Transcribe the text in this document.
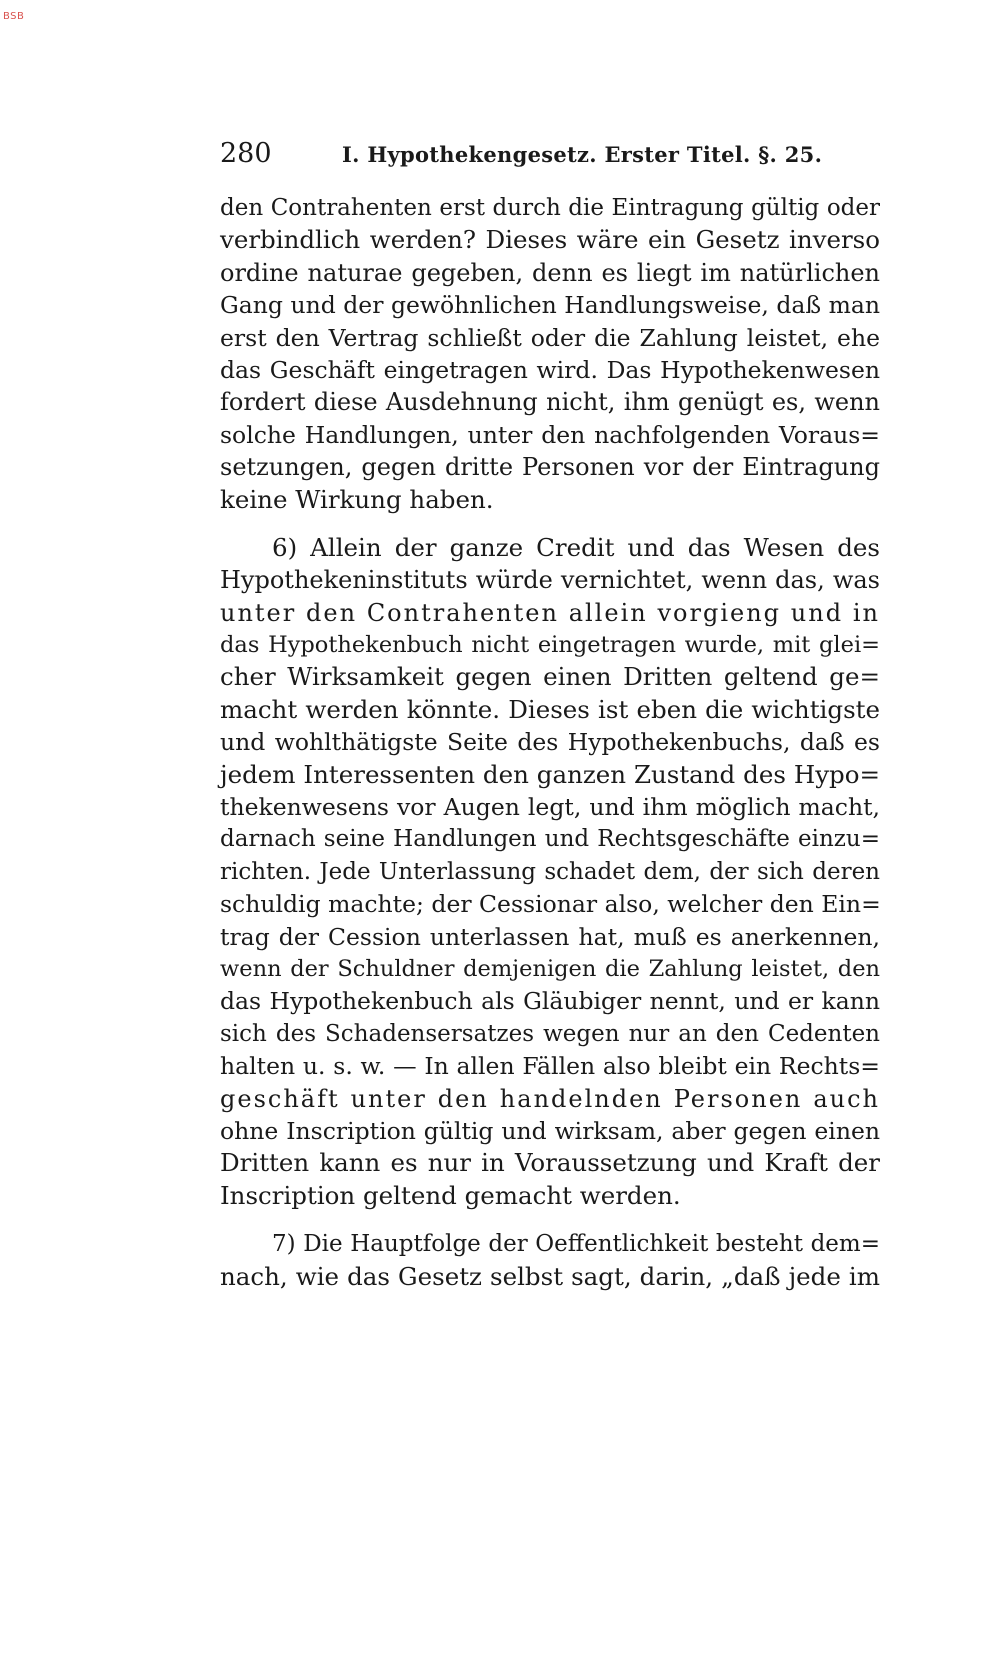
BSB
280	I. Hypothekengesetz. Erster Titel. §. 25.
den Contrahenten erst durch die Eintragung gültig oder
verbindlich werden? Dieses wäre ein Gesetz inverso
ordine naturae gegeben, denn es liegt im natürlichen
Gang und der gewöhnlichen Handlungsweise, daß man
erst den Vertrag schließt oder die Zahlung leistet, ehe
das Geschäft eingetragen wird. Das Hypothekenwesen
fordert diese Ausdehnung nicht, ihm genügt es, wenn
solche Handlungen, unter den nachfolgenden Voraus=
setzungen, gegen dritte Personen vor der Eintragung
keine Wirkung haben.
6) Allein der ganze Credit und das Wesen des
Hypothekeninstituts würde vernichtet, wenn das, was
unter den Contrahenten allein vorgieng und in
das Hypothekenbuch nicht eingetragen wurde, mit glei=
cher Wirksamkeit gegen einen Dritten geltend ge=
macht werden könnte. Dieses ist eben die wichtigste
und wohlthätigste Seite des Hypothekenbuchs, daß es
jedem Interessenten den ganzen Zustand des Hypo=
thekenwesens vor Augen legt, und ihm möglich macht,
darnach seine Handlungen und Rechtsgeschäfte einzu=
richten. Jede Unterlassung schadet dem, der sich deren
schuldig machte; der Cessionar also, welcher den Ein=
trag der Cession unterlassen hat, muß es anerkennen,
wenn der Schuldner demjenigen die Zahlung leistet, den
das Hypothekenbuch als Gläubiger nennt, und er kann
sich des Schadensersatzes wegen nur an den Cedenten
halten u. s. w. — In allen Fällen also bleibt ein Rechts=
geschäft unter den handelnden Personen auch
ohne Inscription gültig und wirksam, aber gegen einen
Dritten kann es nur in Voraussetzung und Kraft der
Inscription geltend gemacht werden.
7) Die Hauptfolge der Oeffentlichkeit besteht dem=
nach, wie das Gesetz selbst sagt, darin, „daß jede im
